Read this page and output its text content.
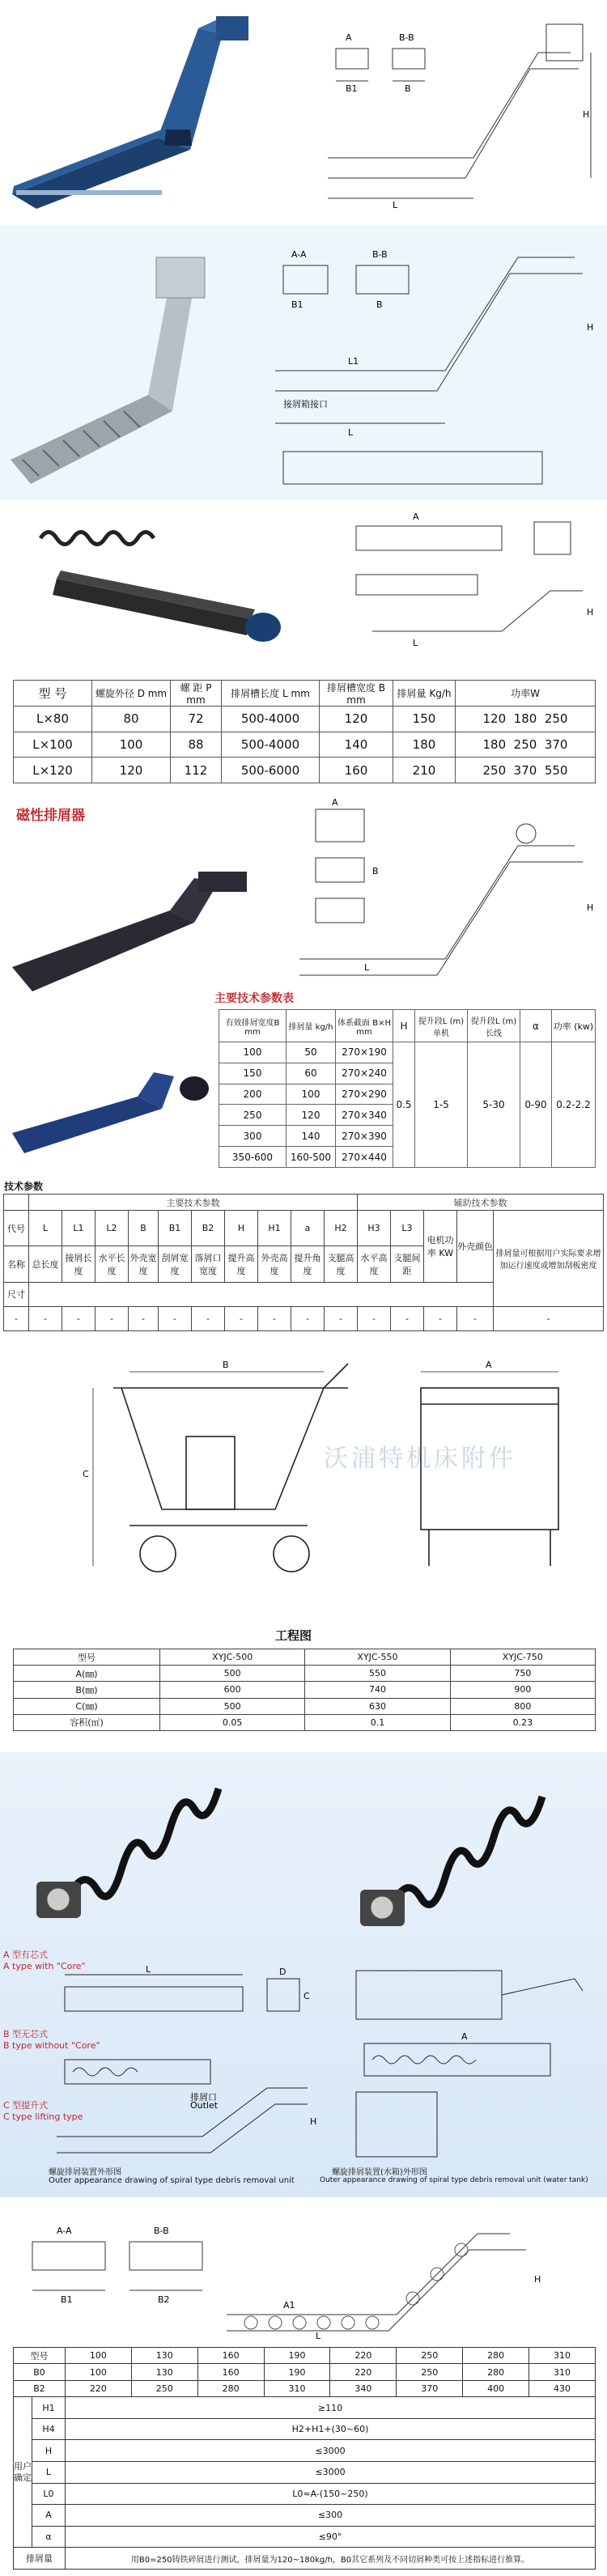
A	B-B
B1	B
L
H
A-A	B-B
B1	B
L
L1
H
接屑箱接口
A
L
H
型 号	螺旋外径 D mm	螺 距 P mm	排屑槽长度 L mm	排屑槽宽度 B mm	排屑量 Kg/h	功率W
L×80	80	72	500-4000	120	150	120  180  250
L×100	100	88	500-4000	140	180	180  250  370
L×120	120	112	500-6000	160	210	250  370  550
磁性排屑器
A
B
L
H
主要技术参数表
有效排屑宽度B mm	排屑量 kg/h	体系截面 B×H mm	H	提升段L (m) 单机	提升段L (m) 长线	α	功率 (kw)
100	50	270×190	0.5	1-5	5-30	0-90	0.2-2.2
150	60	270×240					
200	100	270×290					
250	120	270×340					
300	140	270×390					
350-600	160-500	270×440					
技术参数
	主要技术参数										辅助技术参数				
代号	L	L1	L2	B	B1	B2	H	H1	a	H2	H3	L3	电机功率 KW	外壳颜色	排屑量可根据用户实际要求增加运行速度或增加刮板密度
名称	总长度	接屑长度	水平长度	外壳宽度	刮屑宽度	落屑口宽度	提升高度	外壳高度	提升角度	支腿高度	水平高度	支腿间距			
尺寸															
-	-	-	-	-	-	-	-	-	-	-	-	-	-	-	-
B	A
C
沃浦特机床附件
工程图
型号	XYJC-500	XYJC-550	XYJC-750
A(㎜)	500	550	750
B(㎜)	600	740	900
C(㎜)	500	630	800
容积(㎡)	0.05	0.1	0.23
A 型有芯式
A type with "Core"
B 型无芯式
B type without "Core"
C 型提升式
C type lifting type
L
H
D
C
排屑口
Outlet
A
螺旋排屑装置外形图
Outer appearance drawing of spiral type debris removal unit
螺旋排屑装置(水箱)外形图
Outer appearance drawing of spiral type debris removal unit (water tank)
A-A	B-B
B1	B2
A1
L
H
型号		100	130	160	190	220	250	280	310
B0		100	130	160	190	220	250	280	310
B2		220	250	280	310	340	370	400	430
用户确定	H1	≥110							
	H4	H2+H1+(30~60)							
	H	≤3000							
	L	≤3000							
	L0	L0≈A-(150~250)							
	A	≤300							
	α	≤90°							
排屑量		用B0=250铸铁碎屑进行测试，排屑量为120~180kg/h，B0其它系列及不同切屑种类可按上述指标进行推算。							
